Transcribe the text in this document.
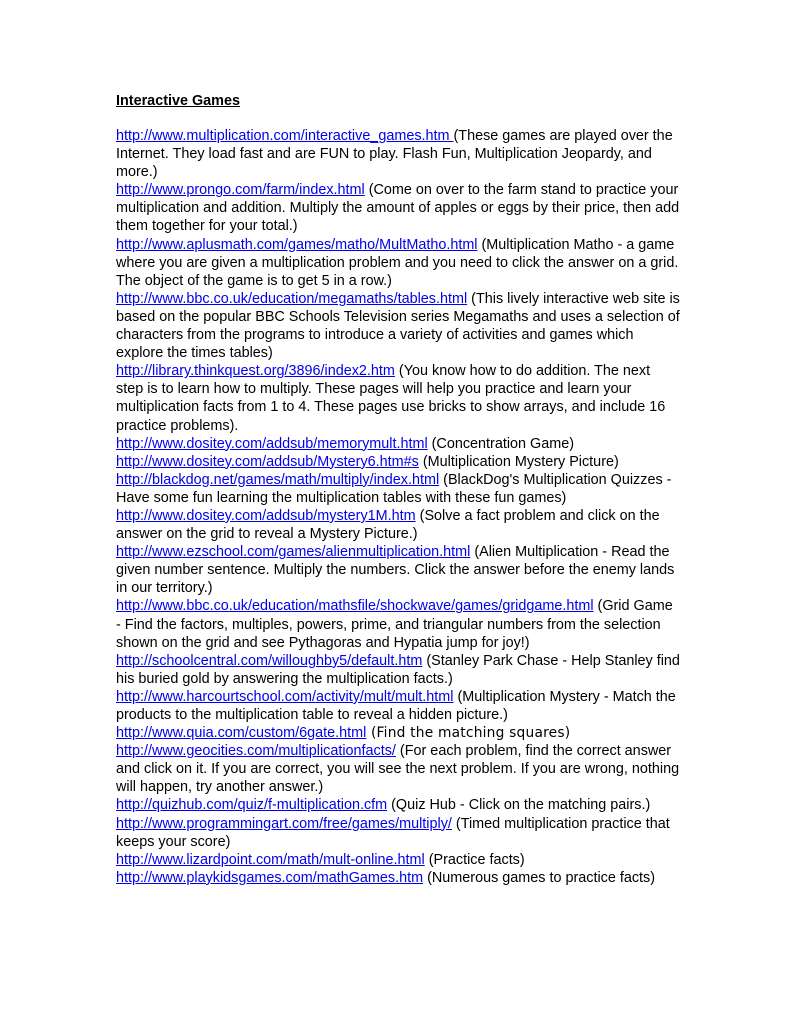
Interactive Games

http://www.multiplication.com/interactive_games.htm (These games are played over the Internet. They load fast and are FUN to play. Flash Fun, Multiplication Jeopardy, and more.)

http://www.prongo.com/farm/index.html (Come on over to the farm stand to practice your multiplication and addition. Multiply the amount of apples or eggs by their price, then add them together for your total.)

http://www.aplusmath.com/games/matho/MultMatho.html (Multiplication Matho - a game where you are given a multiplication problem and you need to click the answer on a grid. The object of the game is to get 5 in a row.)

http://www.bbc.co.uk/education/megamaths/tables.html (This lively interactive web site is based on the popular BBC Schools Television series Megamaths and uses a selection of characters from the programs to introduce a variety of activities and games which explore the times tables)

http://library.thinkquest.org/3896/index2.htm (You know how to do addition. The next step is to learn how to multiply. These pages will help you practice and learn your multiplication facts from 1 to 4. These pages use bricks to show arrays, and include 16 practice problems).

http://www.dositey.com/addsub/memorymult.html (Concentration Game)

http://www.dositey.com/addsub/Mystery6.htm#s (Multiplication Mystery Picture)

http://blackdog.net/games/math/multiply/index.html (BlackDog's Multiplication Quizzes - Have some fun learning the multiplication tables with these fun games)

http://www.dositey.com/addsub/mystery1M.htm (Solve a fact problem and click on the answer on the grid to reveal a Mystery Picture.)

http://www.ezschool.com/games/alienmultiplication.html (Alien Multiplication - Read the given number sentence. Multiply the numbers. Click the answer before the enemy lands in our territory.)

http://www.bbc.co.uk/education/mathsfile/shockwave/games/gridgame.html (Grid Game - Find the factors, multiples, powers, prime, and triangular numbers from the selection shown on the grid and see Pythagoras and Hypatia jump for joy!)

http://schoolcentral.com/willoughby5/default.htm (Stanley Park Chase - Help Stanley find his buried gold by answering the multiplication facts.)

http://www.harcourtschool.com/activity/mult/mult.html (Multiplication Mystery - Match the products to the multiplication table to reveal a hidden picture.)

http://www.quia.com/custom/6gate.html (Find the matching squares)

http://www.geocities.com/multiplicationfacts/ (For each problem, find the correct answer and click on it. If you are correct, you will see the next problem. If you are wrong, nothing will happen, try another answer.)

http://quizhub.com/quiz/f-multiplication.cfm (Quiz Hub - Click on the matching pairs.)

http://www.programmingart.com/free/games/multiply/ (Timed multiplication practice that keeps your score)

http://www.lizardpoint.com/math/mult-online.html (Practice facts)

http://www.playkidsgames.com/mathGames.htm (Numerous games to practice facts)
